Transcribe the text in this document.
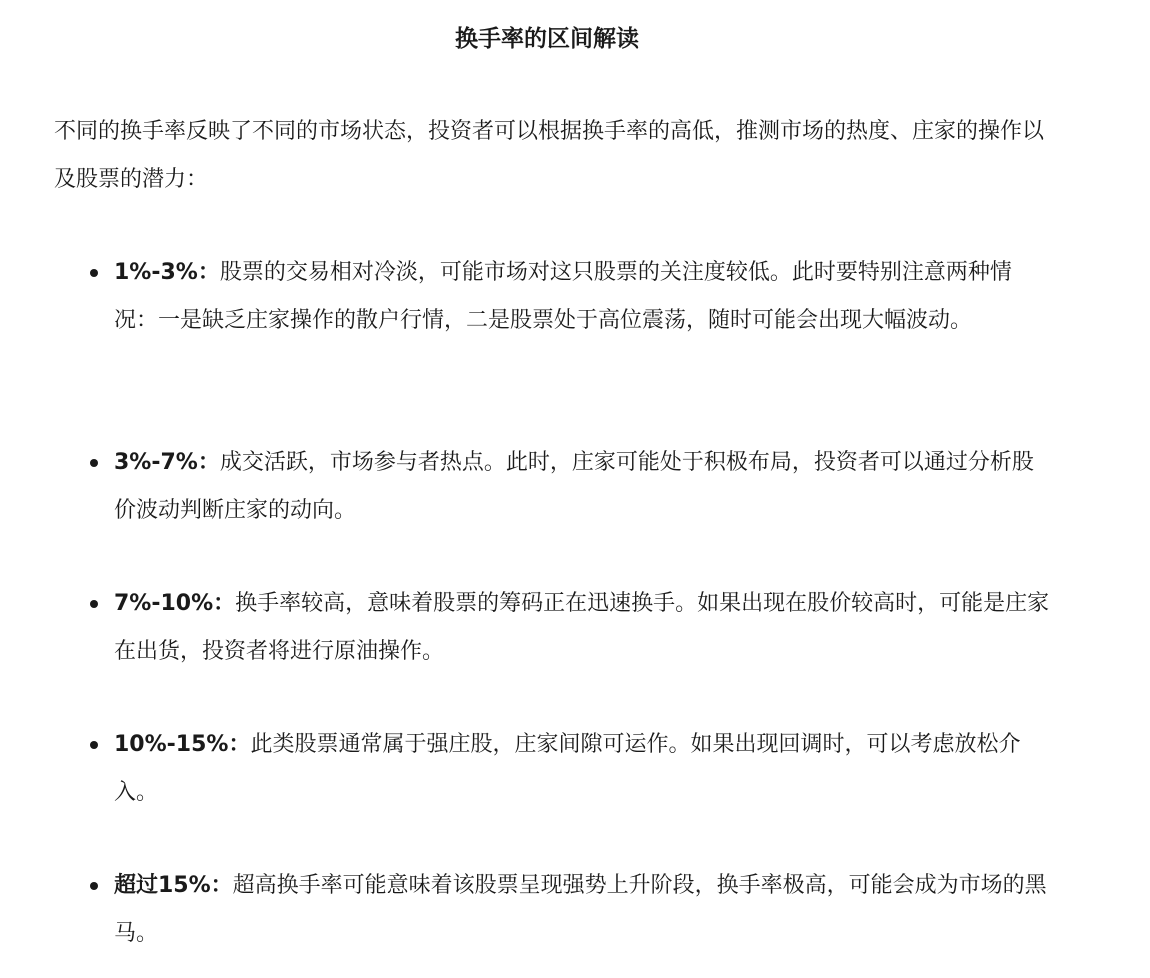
换手率的区间解读

不同的换手率反映了不同的市场状态，投资者可以根据换手率的高低，推测市场的热度、庄家的操作以及股票的潜力：

1%-3%：股票的交易相对冷淡，可能市场对这只股票的关注度较低。此时要特别注意两种情况：一是缺乏庄家操作的散户行情，二是股票处于高位震荡，随时可能会出现大幅波动。
3%-7%：成交活跃，市场参与者热点。此时，庄家可能处于积极布局，投资者可以通过分析股价波动判断庄家的动向。
7%-10%：换手率较高，意味着股票的筹码正在迅速换手。如果出现在股价较高时，可能是庄家在出货，投资者将进行原油操作。
10%-15%：此类股票通常属于强庄股，庄家间隙可运作。如果出现回调时，可以考虑放松介入。
超过15%：超高换手率可能意味着该股票呈现强势上升阶段，换手率极高，可能会成为市场的黑马。
